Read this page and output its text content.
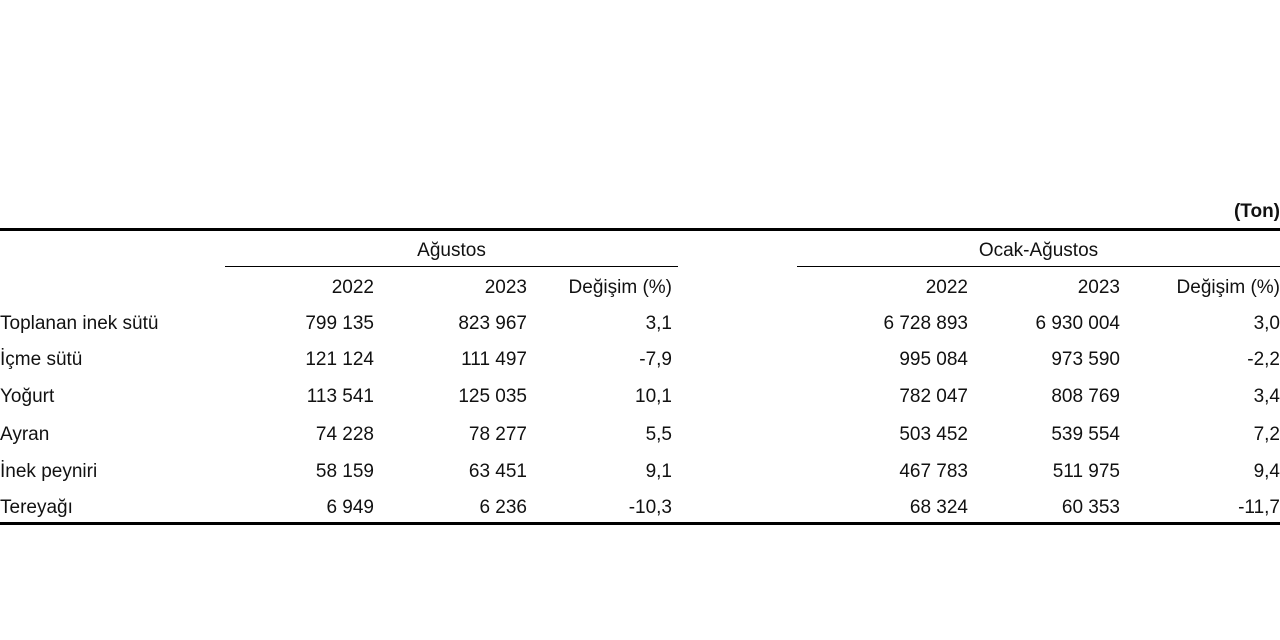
(Ton)
Ağustos	Ocak-Ağustos
2022	2023	Değişim (%)	2022	2023	Değişim (%)
Toplanan inek sütü	799 135	823 967	3,1	6 728 893	6 930 004	3,0
İçme sütü	121 124	111 497	-7,9	995 084	973 590	-2,2
Yoğurt	113 541	125 035	10,1	782 047	808 769	3,4
Ayran	74 228	78 277	5,5	503 452	539 554	7,2
İnek peyniri	58 159	63 451	9,1	467 783	511 975	9,4
Tereyağı	6 949	6 236	-10,3	68 324	60 353	-11,7
